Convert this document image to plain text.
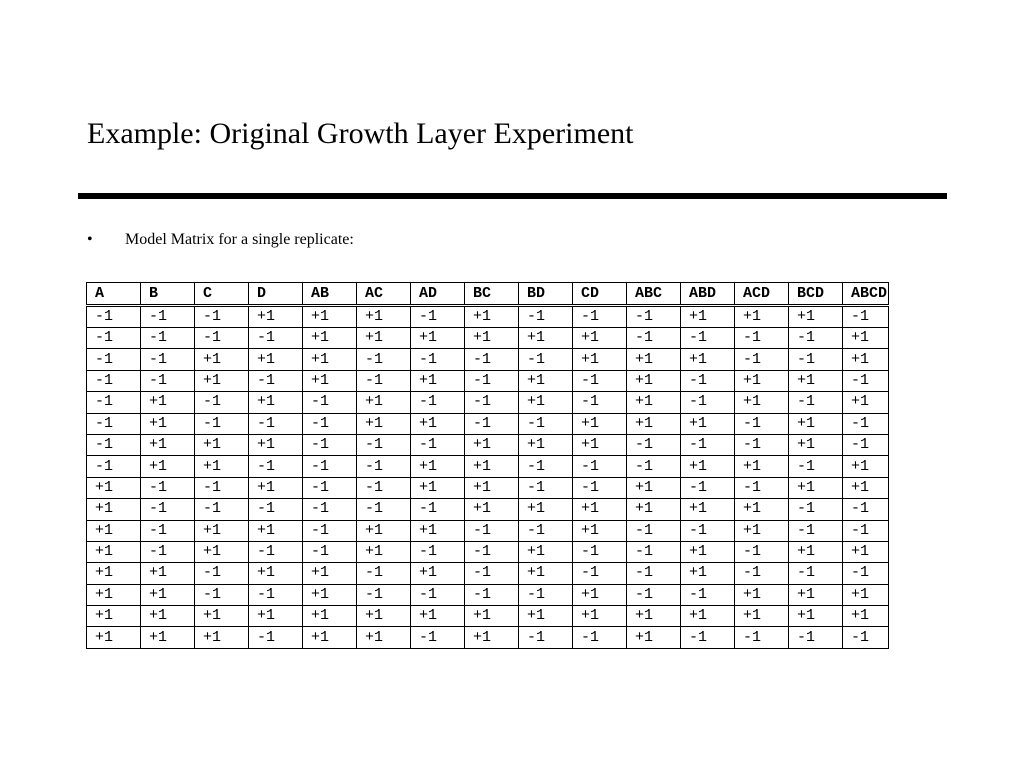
Example: Original Growth Layer Experiment
• Model Matrix for a single replicate:
A	B	C	D	AB	AC	AD	BC	BD	CD	ABC	ABD	ACD	BCD	ABCD
-1	-1	-1	+1	+1	+1	-1	+1	-1	-1	-1	+1	+1	+1	-1
-1	-1	-1	-1	+1	+1	+1	+1	+1	+1	-1	-1	-1	-1	+1
-1	-1	+1	+1	+1	-1	-1	-1	-1	+1	+1	+1	-1	-1	+1
-1	-1	+1	-1	+1	-1	+1	-1	+1	-1	+1	-1	+1	+1	-1
-1	+1	-1	+1	-1	+1	-1	-1	+1	-1	+1	-1	+1	-1	+1
-1	+1	-1	-1	-1	+1	+1	-1	-1	+1	+1	+1	-1	+1	-1
-1	+1	+1	+1	-1	-1	-1	+1	+1	+1	-1	-1	-1	+1	-1
-1	+1	+1	-1	-1	-1	+1	+1	-1	-1	-1	+1	+1	-1	+1
+1	-1	-1	+1	-1	-1	+1	+1	-1	-1	+1	-1	-1	+1	+1
+1	-1	-1	-1	-1	-1	-1	+1	+1	+1	+1	+1	+1	-1	-1
+1	-1	+1	+1	-1	+1	+1	-1	-1	+1	-1	-1	+1	-1	-1
+1	-1	+1	-1	-1	+1	-1	-1	+1	-1	-1	+1	-1	+1	+1
+1	+1	-1	+1	+1	-1	+1	-1	+1	-1	-1	+1	-1	-1	-1
+1	+1	-1	-1	+1	-1	-1	-1	-1	+1	-1	-1	+1	+1	+1
+1	+1	+1	+1	+1	+1	+1	+1	+1	+1	+1	+1	+1	+1	+1
+1	+1	+1	-1	+1	+1	-1	+1	-1	-1	+1	-1	-1	-1	-1
